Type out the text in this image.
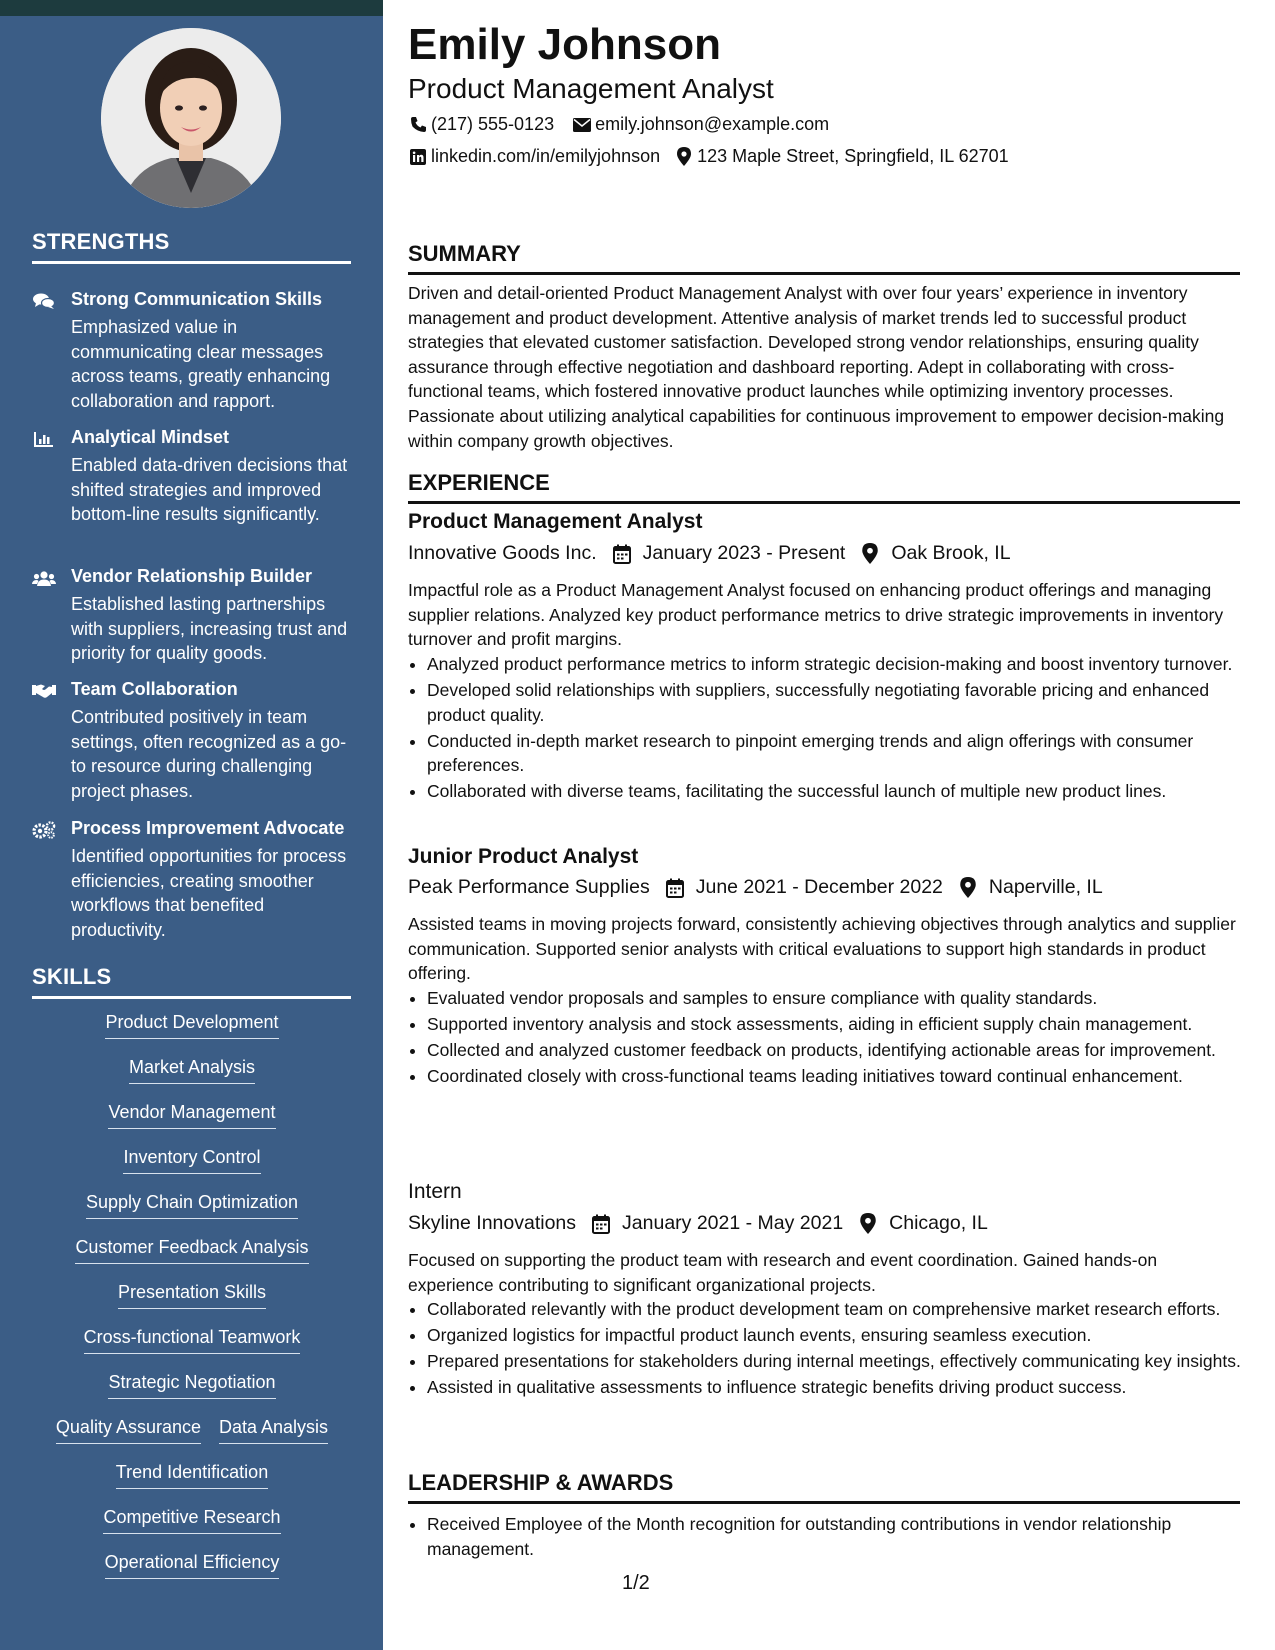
STRENGTHS
Strong Communication Skills
Emphasized value in communicating clear messages across teams, greatly enhancing collaboration and rapport.
Analytical Mindset
Enabled data-driven decisions that shifted strategies and improved bottom-line results significantly.
Vendor Relationship Builder
Established lasting partnerships with suppliers, increasing trust and priority for quality goods.
Team Collaboration
Contributed positively in team settings, often recognized as a go-to resource during challenging project phases.
Process Improvement Advocate
Identified opportunities for process efficiencies, creating smoother workflows that benefited productivity.
SKILLS
Product Development
Market Analysis
Vendor Management
Inventory Control
Supply Chain Optimization
Customer Feedback Analysis
Presentation Skills
Cross-functional Teamwork
Strategic Negotiation
Quality Assurance Data Analysis
Trend Identification
Competitive Research
Operational Efficiency
Emily Johnson
Product Management Analyst
(217) 555-0123 emily.johnson@example.com
linkedin.com/in/emilyjohnson 123 Maple Street, Springfield, IL 62701
SUMMARY
Driven and detail-oriented Product Management Analyst with over four years’ experience in inventory management and product development. Attentive analysis of market trends led to successful product strategies that elevated customer satisfaction. Developed strong vendor relationships, ensuring quality assurance through effective negotiation and dashboard reporting. Adept in collaborating with cross-functional teams, which fostered innovative product launches while optimizing inventory processes. Passionate about utilizing analytical capabilities for continuous improvement to empower decision-making within company growth objectives.
EXPERIENCE
Product Management Analyst
Innovative Goods Inc. January 2023 - Present Oak Brook, IL
Impactful role as a Product Management Analyst focused on enhancing product offerings and managing supplier relations. Analyzed key product performance metrics to drive strategic improvements in inventory turnover and profit margins.
• Analyzed product performance metrics to inform strategic decision-making and boost inventory turnover.
• Developed solid relationships with suppliers, successfully negotiating favorable pricing and enhanced product quality.
• Conducted in-depth market research to pinpoint emerging trends and align offerings with consumer preferences.
• Collaborated with diverse teams, facilitating the successful launch of multiple new product lines.
Junior Product Analyst
Peak Performance Supplies June 2021 - December 2022 Naperville, IL
Assisted teams in moving projects forward, consistently achieving objectives through analytics and supplier communication. Supported senior analysts with critical evaluations to support high standards in product offering.
• Evaluated vendor proposals and samples to ensure compliance with quality standards.
• Supported inventory analysis and stock assessments, aiding in efficient supply chain management.
• Collected and analyzed customer feedback on products, identifying actionable areas for improvement.
• Coordinated closely with cross-functional teams leading initiatives toward continual enhancement.
Intern
Skyline Innovations January 2021 - May 2021 Chicago, IL
Focused on supporting the product team with research and event coordination. Gained hands-on experience contributing to significant organizational projects.
• Collaborated relevantly with the product development team on comprehensive market research efforts.
• Organized logistics for impactful product launch events, ensuring seamless execution.
• Prepared presentations for stakeholders during internal meetings, effectively communicating key insights.
• Assisted in qualitative assessments to influence strategic benefits driving product success.
LEADERSHIP & AWARDS
• Received Employee of the Month recognition for outstanding contributions in vendor relationship management.
1/2
